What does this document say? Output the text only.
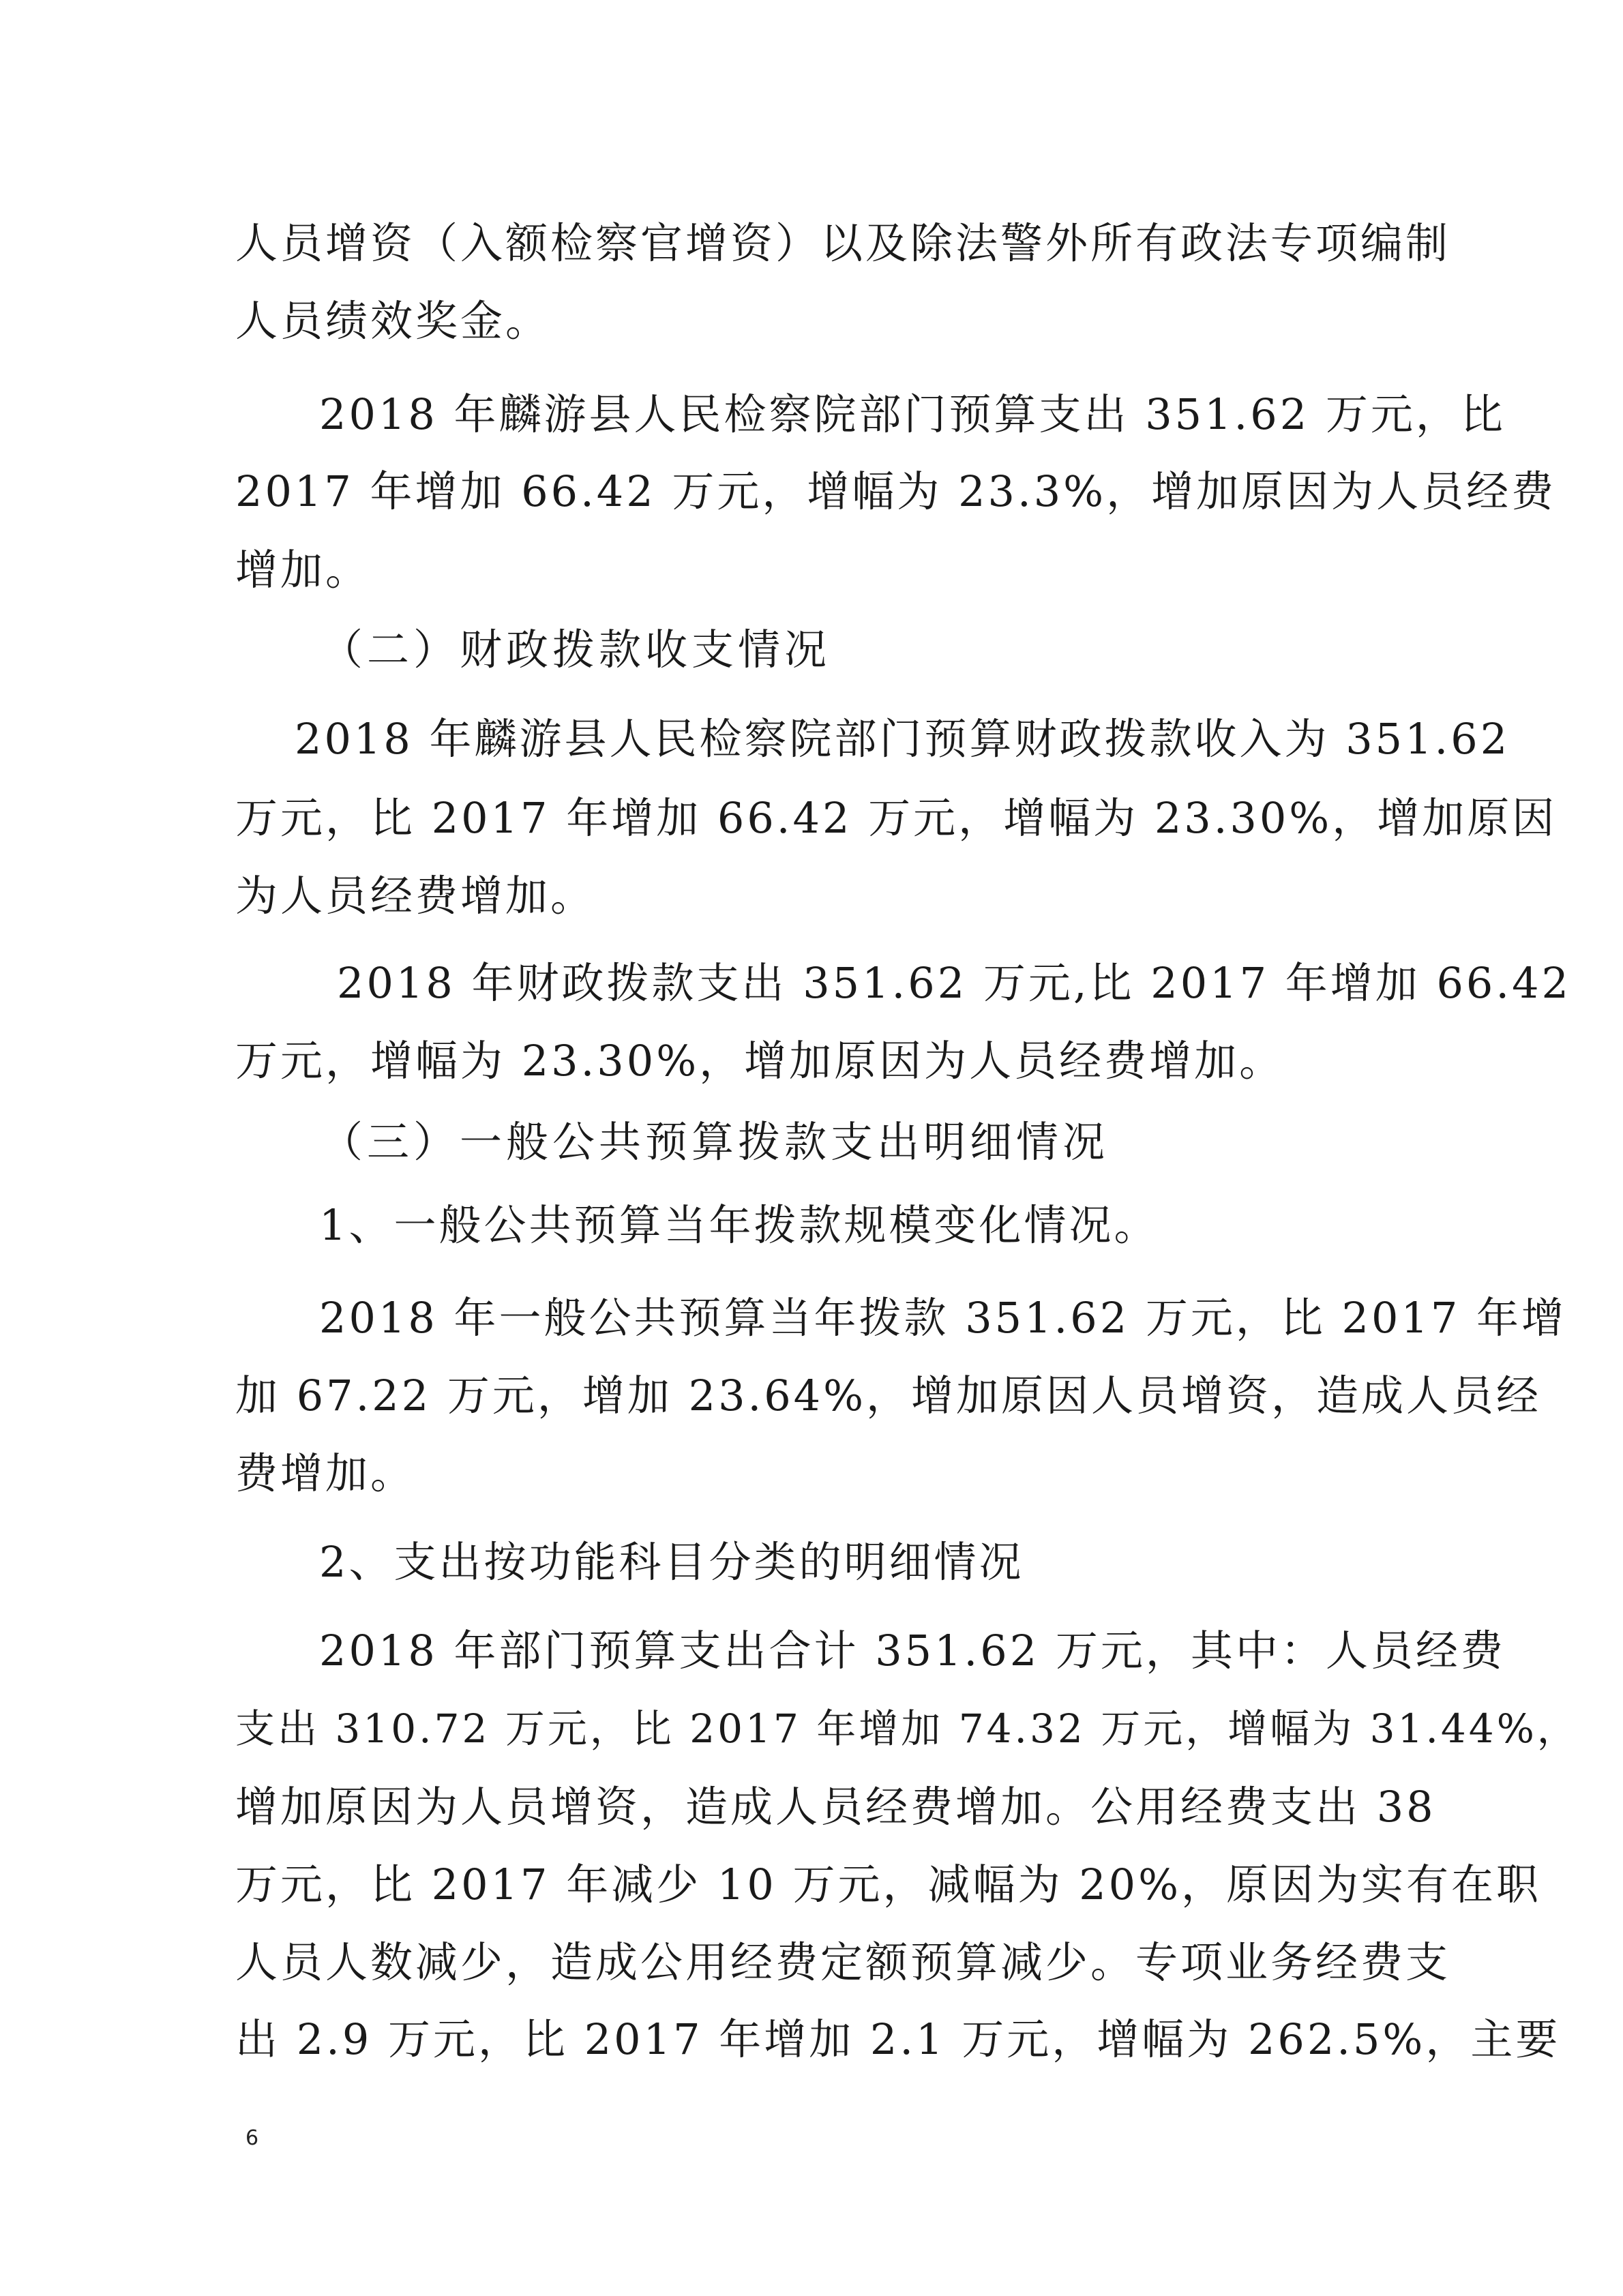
人员增资（入额检察官增资）以及除法警外所有政法专项编制
人员绩效奖金。
2018 年麟游县人民检察院部门预算支出 351.62 万元，比
2017 年增加 66.42 万元，增幅为 23.3%，增加原因为人员经费
增加。
（二）财政拨款收支情况
2018 年麟游县人民检察院部门预算财政拨款收入为 351.62
万元，比 2017 年增加 66.42 万元，增幅为 23.30%，增加原因
为人员经费增加。
2018 年财政拨款支出 351.62 万元,比 2017 年增加 66.42
万元，增幅为 23.30%，增加原因为人员经费增加。
（三）一般公共预算拨款支出明细情况
1、一般公共预算当年拨款规模变化情况。
2018 年一般公共预算当年拨款 351.62 万元，比 2017 年增
加 67.22 万元，增加 23.64%，增加原因人员增资，造成人员经
费增加。
2、支出按功能科目分类的明细情况
2018 年部门预算支出合计 351.62 万元，其中：人员经费
支出 310.72 万元，比 2017 年增加 74.32 万元，增幅为 31.44%，
增加原因为人员增资，造成人员经费增加。公用经费支出 38
万元，比 2017 年减少 10 万元，减幅为 20%，原因为实有在职
人员人数减少，造成公用经费定额预算减少。专项业务经费支
出 2.9 万元，比 2017 年增加 2.1 万元，增幅为 262.5%，主要
6
